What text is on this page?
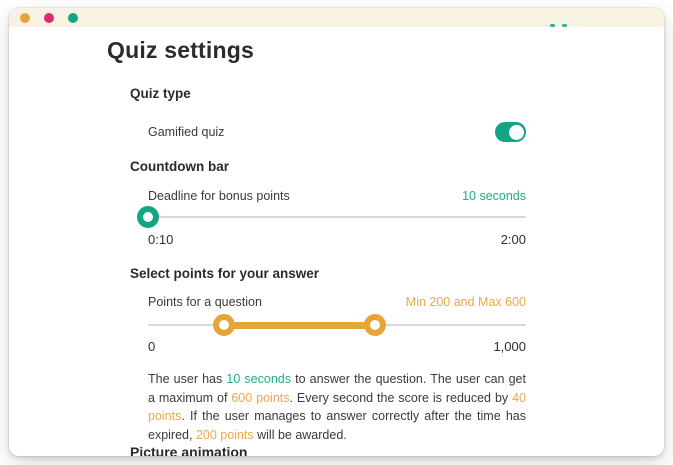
Quiz settings
Quiz type
Gamified quiz
Countdown bar
Deadline for bonus points	10 seconds
0:10	2:00
Select points for your answer
Points for a question	Min 200 and Max 600
0	1,000

The user has 10 seconds to answer the question. The user can get a maximum of 600 points. Every second the score is reduced by 40 points. If the user manages to answer correctly after the time has expired, 200 points will be awarded.

Picture animation
